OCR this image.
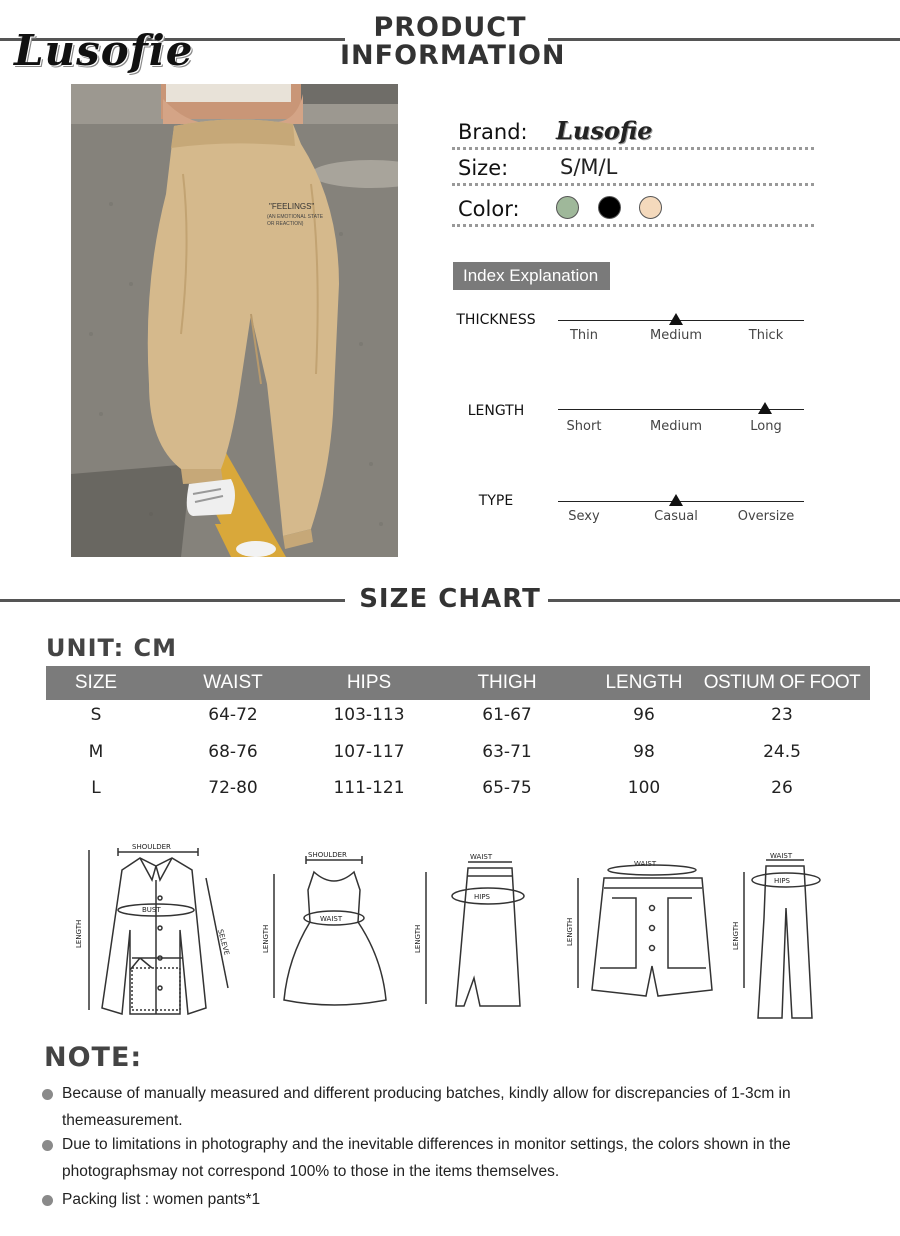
Lusofie	PRODUCT
INFORMATION
"FEELINGS"
(AN EMOTIONAL STATE
OR REACTION)
Brand: Lusofie
Size: S/M/L
Color:
Index Explanation
THICKNESS
Thin	Medium	Thick
LENGTH
Short	Medium	Long
TYPE
Sexy	Casual	Oversize
SIZE CHART
UNIT: CM
SIZE	WAIST	HIPS	THIGH	LENGTH	OSTIUM OF FOOT
S	64-72	103-113	61-67	96	23
M	68-76	107-117	63-71	98	24.5
L	72-80	111-121	65-75	100	26
SHOULDER
LENGTH
BUST
SELEVE
SHOULDER
LENGTH
WAIST
WAIST
LENGTH
HIPS
WAIST
LENGTH
WAIST
LENGTH
HIPS
NOTE:
Because of manually measured and different producing batches, kindly allow for discrepancies of 1-3cm in themeasurement.
Due to limitations in photography and the inevitable differences in monitor settings, the colors shown in the photographsmay not correspond 100% to those in the items themselves.
Packing list : women pants*1
